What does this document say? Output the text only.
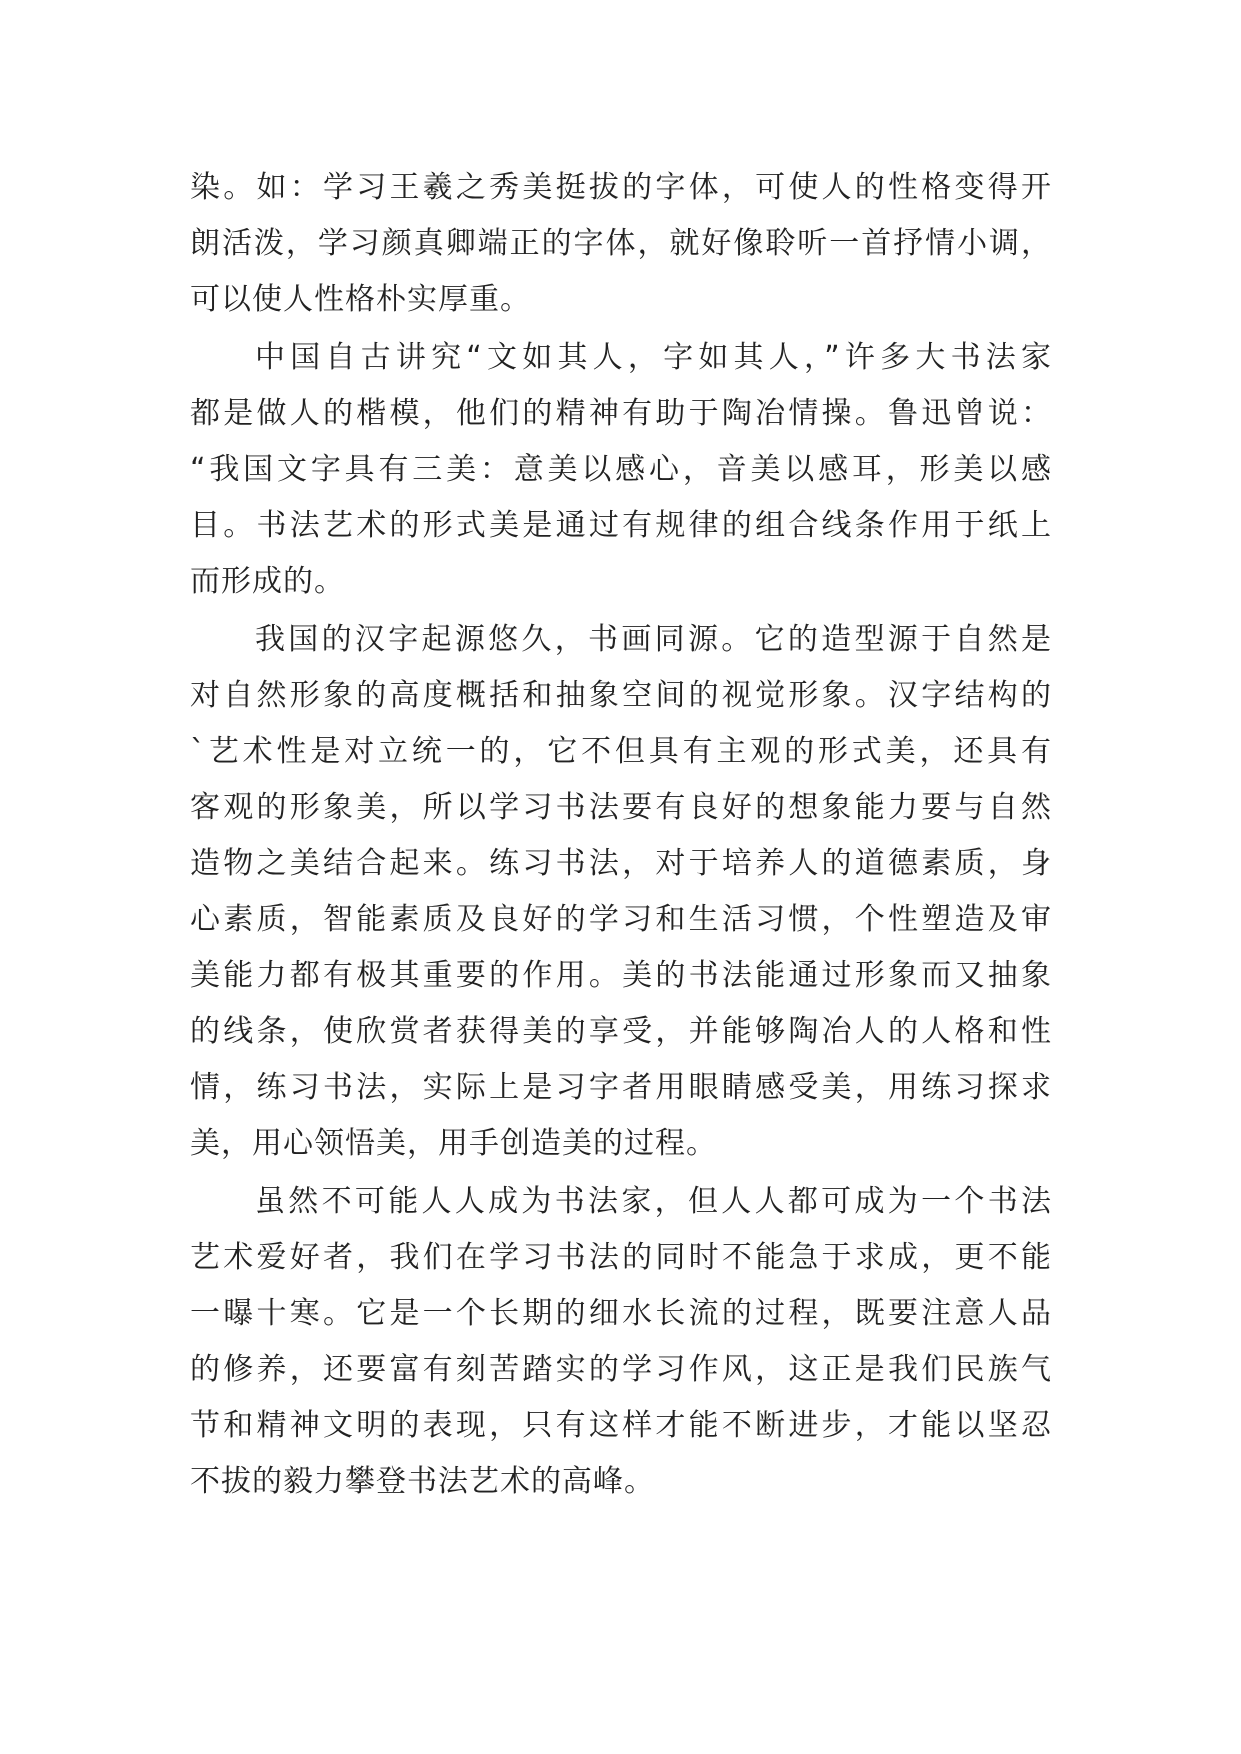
染。如：学习王羲之秀美挺拔的字体，可使人的性格变得开
朗活泼，学习颜真卿端正的字体，就好像聆听一首抒情小调，
可以使人性格朴实厚重。
中国自古讲究“文如其人，字如其人，”许多大书法家
都是做人的楷模，他们的精神有助于陶冶情操。鲁迅曾说：
“我国文字具有三美：意美以感心，音美以感耳，形美以感
目。书法艺术的形式美是通过有规律的组合线条作用于纸上
而形成的。
我国的汉字起源悠久，书画同源。它的造型源于自然是
对自然形象的高度概括和抽象空间的视觉形象。汉字结构的
`艺术性是对立统一的，它不但具有主观的形式美，还具有
客观的形象美，所以学习书法要有良好的想象能力要与自然
造物之美结合起来。练习书法，对于培养人的道德素质，身
心素质，智能素质及良好的学习和生活习惯，个性塑造及审
美能力都有极其重要的作用。美的书法能通过形象而又抽象
的线条，使欣赏者获得美的享受，并能够陶冶人的人格和性
情，练习书法，实际上是习字者用眼睛感受美，用练习探求
美，用心领悟美，用手创造美的过程。
虽然不可能人人成为书法家，但人人都可成为一个书法
艺术爱好者，我们在学习书法的同时不能急于求成，更不能
一曝十寒。它是一个长期的细水长流的过程，既要注意人品
的修养，还要富有刻苦踏实的学习作风，这正是我们民族气
节和精神文明的表现，只有这样才能不断进步，才能以坚忍
不拔的毅力攀登书法艺术的高峰。
